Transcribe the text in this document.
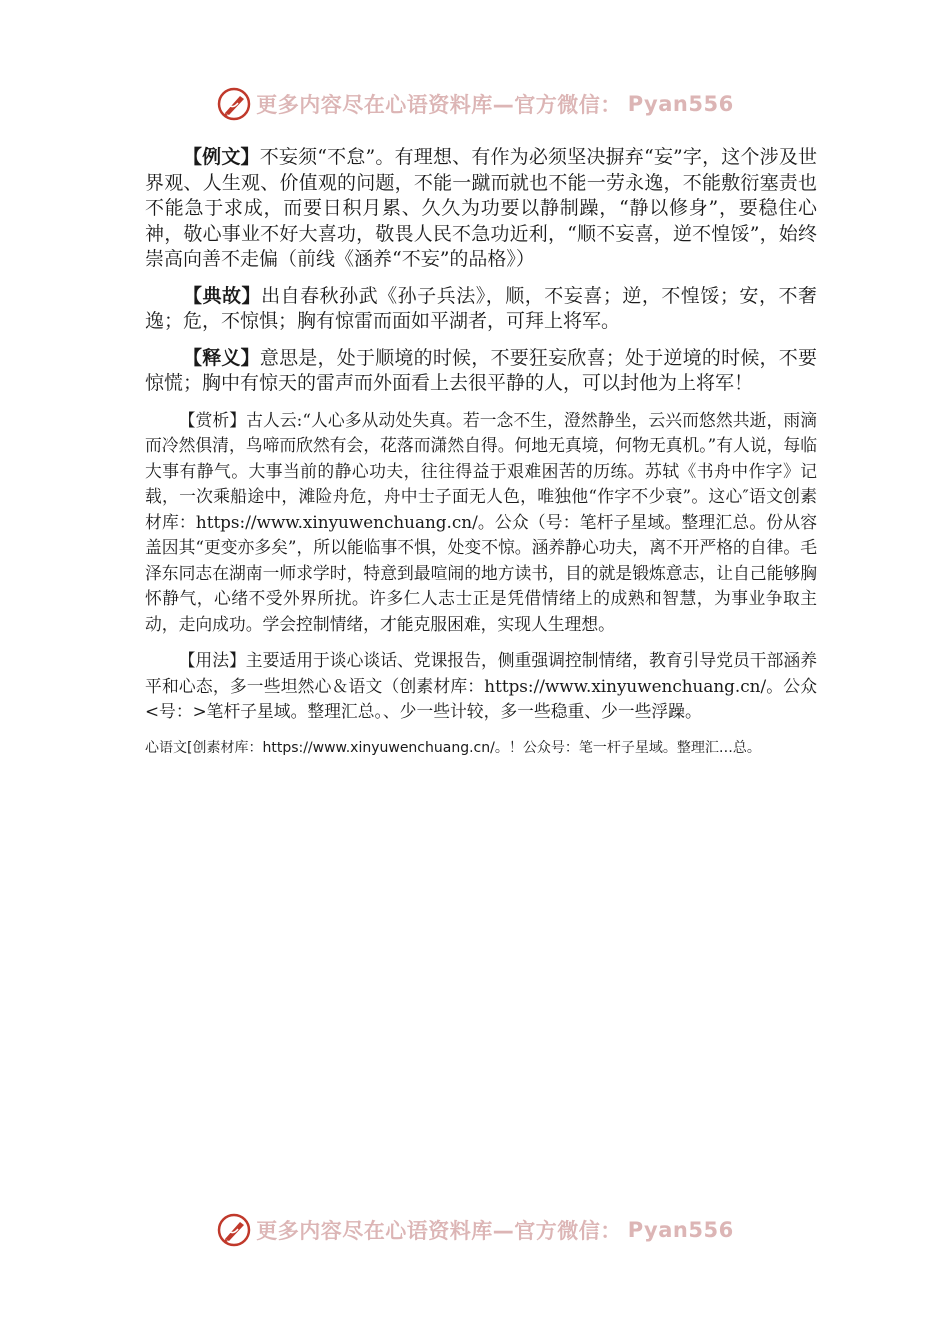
更多内容尽在心语资料库—官方微信： Pyan556

【例文】不妄须“不怠”。有理想、有作为必须坚决摒弃“妄”字，这个涉及世界观、人生观、价值观的问题，不能一蹴而就也不能一劳永逸，不能敷衍塞责也不能急于求成，而要日积月累、久久为功要以静制躁，“静以修身”，要稳住心神，敬心事业不好大喜功，敬畏人民不急功近利，“顺不妄喜，逆不惶馁”，始终崇高向善不走偏（前线《涵养“不妄”的品格》）

【典故】出自春秋孙武《孙子兵法》，顺，不妄喜；逆，不惶馁；安，不奢逸；危，不惊惧；胸有惊雷而面如平湖者，可拜上将军。

【释义】意思是，处于顺境的时候，不要狂妄欣喜；处于逆境的时候，不要惊慌；胸中有惊天的雷声而外面看上去很平静的人，可以封他为上将军！

【赏析】古人云:“人心多从动处失真。若一念不生，澄然静坐，云兴而悠然共逝，雨滴而冷然俱清，鸟啼而欣然有会，花落而潇然自得。何地无真境，何物无真机。”有人说，每临大事有静气。大事当前的静心功夫，往往得益于艰难困苦的历练。苏轼《书舟中作字》记载，一次乘船途中，滩险舟危，舟中士子面无人色，唯独他“作字不少衰”。这心″语文创素材库：https://www.xinyuwenchuang.cn/。公众（号：笔杆子星域。整理汇总。份从容盖因其“更变亦多矣”，所以能临事不惧，处变不惊。涵养静心功夫，离不开严格的自律。毛泽东同志在湖南一师求学时，特意到最喧闹的地方读书，目的就是锻炼意志，让自己能够胸怀静气，心绪不受外界所扰。许多仁人志士正是凭借情绪上的成熟和智慧，为事业争取主动，走向成功。学会控制情绪，才能克服困难，实现人生理想。

【用法】主要适用于谈心谈话、党课报告，侧重强调控制情绪，教育引导党员干部涵养平和心态，多一些坦然心＆语文（创素材库：https://www.xinyuwenchuang.cn/。公众<号：>笔杆子星域。整理汇总。、少一些计较，多一些稳重、少一些浮躁。

心语文[创素材库：https://www.xinyuwenchuang.cn/。！公众号：笔一杆子星域。整理汇…总。
更多内容尽在心语资料库—官方微信： Pyan556
